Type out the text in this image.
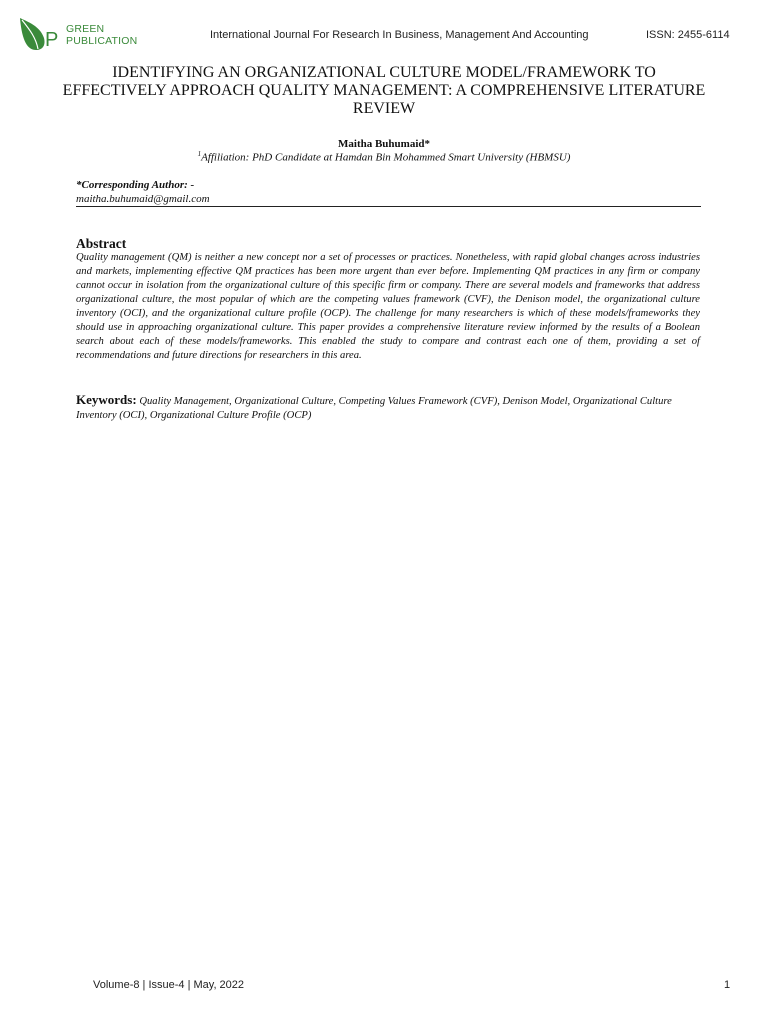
P GREEN
PUBLICATION	International Journal For Research In Business, Management And Accounting	ISSN: 2455-6114
IDENTIFYING AN ORGANIZATIONAL CULTURE MODEL/FRAMEWORK TO EFFECTIVELY APPROACH QUALITY MANAGEMENT: A COMPREHENSIVE LITERATURE REVIEW
Maitha Buhumaid*
$^1$Affiliation: PhD Candidate at Hamdan Bin Mohammed Smart University (HBMSU)
*Corresponding Author: -
maitha.buhumaid@gmail.com
Abstract
Quality management (QM) is neither a new concept nor a set of processes or practices. Nonetheless, with rapid global changes across industries and markets, implementing effective QM practices has been more urgent than ever before. Implementing QM practices in any firm or company cannot occur in isolation from the organizational culture of this specific firm or company. There are several models and frameworks that address organizational culture, the most popular of which are the competing values framework (CVF), the Denison model, the organizational culture inventory (OCI), and the organizational culture profile (OCP). The challenge for many researchers is which of these models/frameworks they should use in approaching organizational culture. This paper provides a comprehensive literature review informed by the results of a Boolean search about each of these models/frameworks. This enabled the study to compare and contrast each one of them, providing a set of recommendations and future directions for researchers in this area.
Keywords: Quality Management, Organizational Culture, Competing Values Framework (CVF), Denison Model, Organizational Culture Inventory (OCI), Organizational Culture Profile (OCP)
Volume-8 | Issue-4 | May, 2022	1
